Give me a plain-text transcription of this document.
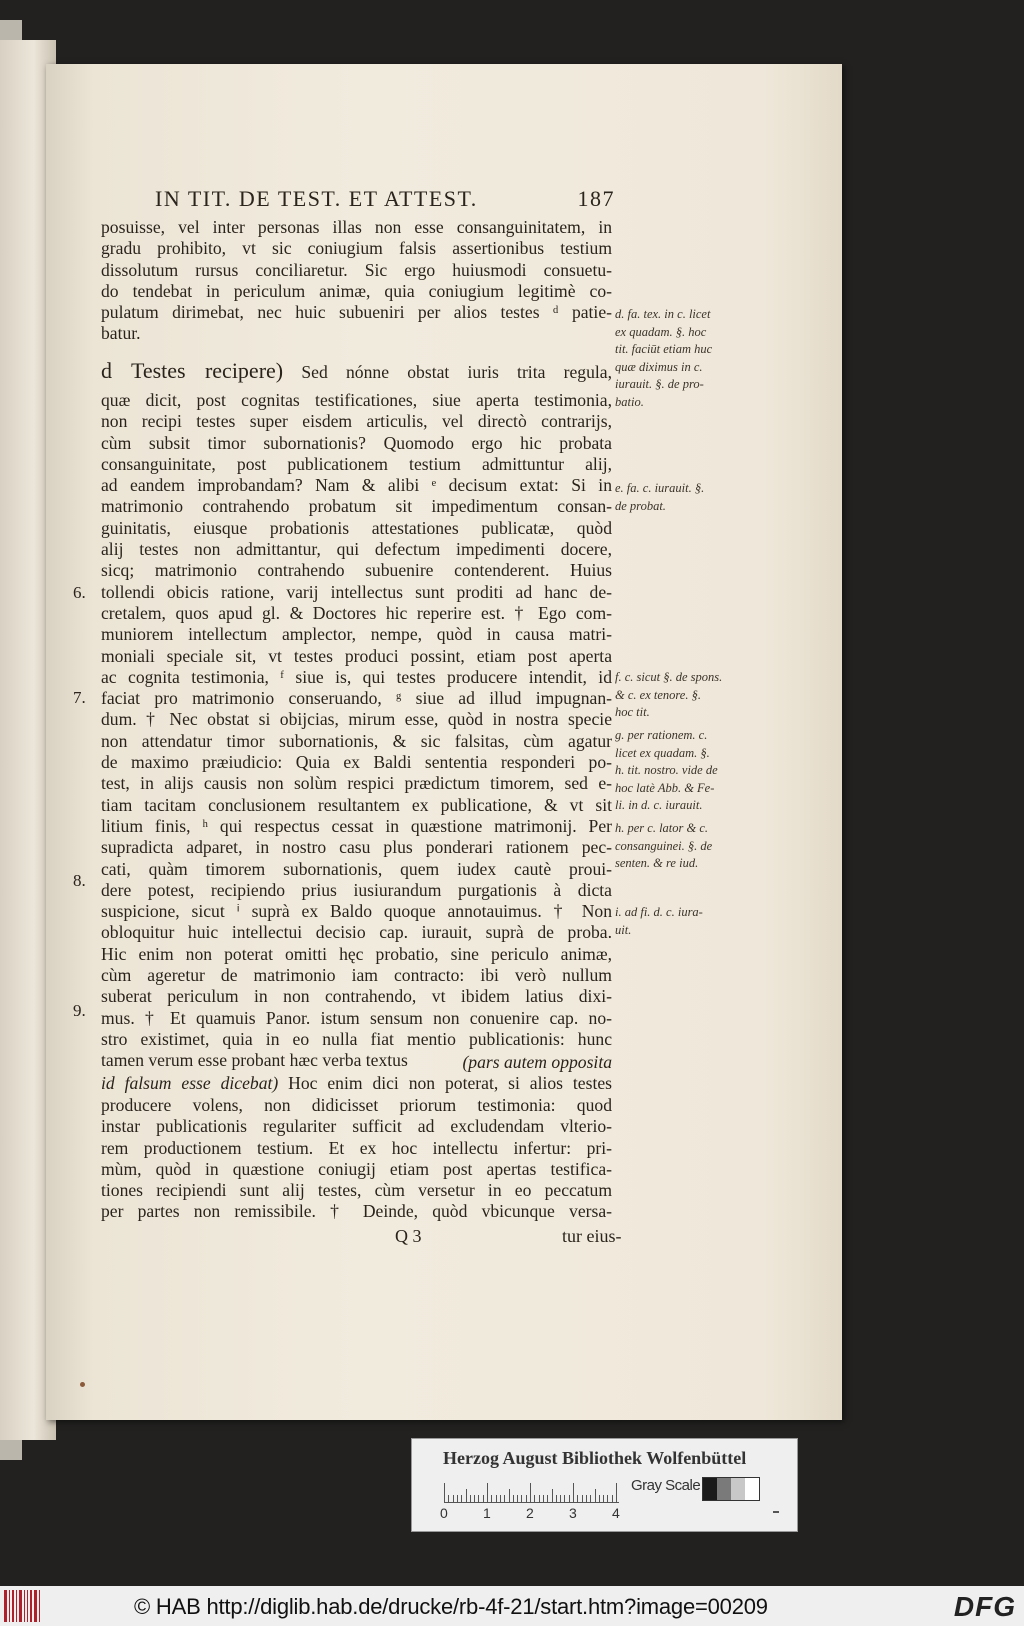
IN TIT. DE TEST. ET ATTEST.	187
posuisse, vel inter personas illas non esse consanguinitatem, in
gradu prohibito, vt sic coniugium falsis assertionibus testium
dissolutum rursus conciliaretur. Sic ergo huiusmodi consuetu-
do tendebat in periculum animæ, quia coniugium legitimè co-
pulatum dirimebat, nec huic subueniri per alios testes ᵈ patie-
batur.
d Testes recipere) Sed nónne obstat iuris trita regula,
quæ dicit, post cognitas testificationes, siue aperta testimonia,
non recipi testes super eisdem articulis, vel directò contrarijs,
cùm subsit timor subornationis? Quomodo ergo hic probata
consanguinitate, post publicationem testium admittuntur alij,
ad eandem improbandam? Nam & alibi ᵉ decisum extat: Si in
matrimonio contrahendo probatum sit impedimentum consan-
guinitatis, eiusque probationis attestationes publicatæ, quòd
alij testes non admittantur, qui defectum impedimenti docere,
sicq; matrimonio contrahendo subuenire contenderent. Huius
tollendi obicis ratione, varij intellectus sunt proditi ad hanc de-
cretalem, quos apud gl. & Doctores hic reperire est. † Ego com-
muniorem intellectum amplector, nempe, quòd in causa matri-
moniali speciale sit, vt testes produci possint, etiam post aperta
ac cognita testimonia, ᶠ siue is, qui testes producere intendit, id
faciat pro matrimonio conseruando, ᵍ siue ad illud impugnan-
dum. † Nec obstat si obijcias, mirum esse, quòd in nostra specie
non attendatur timor subornationis, & sic falsitas, cùm agatur
de maximo præiudicio: Quia ex Baldi sententia responderi po-
test, in alijs causis non solùm respici prædictum timorem, sed e-
tiam tacitam conclusionem resultantem ex publicatione, & vt sit
litium finis, ʰ qui respectus cessat in quæstione matrimonij. Per
supradicta adparet, in nostro casu plus ponderari rationem pec-
cati, quàm timorem subornationis, quem iudex cautè proui-
dere potest, recipiendo prius iusiurandum purgationis à dicta
suspicione, sicut ⁱ suprà ex Baldo quoque annotauimus. † Non
obloquitur huic intellectui decisio cap. iurauit, suprà de proba.
Hic enim non poterat omitti hęc probatio, sine periculo animæ,
cùm ageretur de matrimonio iam contracto: ibi verò nullum
suberat periculum in non contrahendo, vt ibidem latius dixi-
mus. † Et quamuis Panor. istum sensum non conuenire cap. no-
stro existimet, quia in eo nulla fiat mentio publicationis: hunc
tamen verum esse probant hæc verba textus	(pars autem opposita
id falsum esse dicebat) Hoc enim dici non poterat, si alios testes
producere volens, non didicisset priorum testimonia: quod
instar publicationis regulariter sufficit ad excludendam vlterio-
rem productionem testium. Et ex hoc intellectu infertur: pri-
mùm, quòd in quæstione coniugij etiam post apertas testifica-
tiones recipiendi sunt alij testes, cùm versetur in eo peccatum
per partes non remissibile. † Deinde, quòd vbicunque versa-
6.
7.
8.
9.
d. fa. tex. in c. licet
ex quadam. §. hoc
tit. faciūt etiam huc
quæ diximus in c.
iurauit. §. de pro-
batio.
e. fa. c. iurauit. §.
de probat.
f. c. sicut §. de spons.
& c. ex tenore. §.
hoc tit.
g. per rationem. c.
licet ex quadam. §.
h. tit. nostro. vide de
hoc latè Abb. & Fe-
li. in d. c. iurauit.
h. per c. lator & c.
consanguinei. §. de
senten. & re iud.
i. ad fi. d. c. iura-
uit.
Q 3	tur eius-
Herzog August Bibliothek Wolfenbüttel
0	1	2	3	4
Gray Scale
© HAB http://diglib.hab.de/drucke/rb-4f-21/start.htm?image=00209	DFG
